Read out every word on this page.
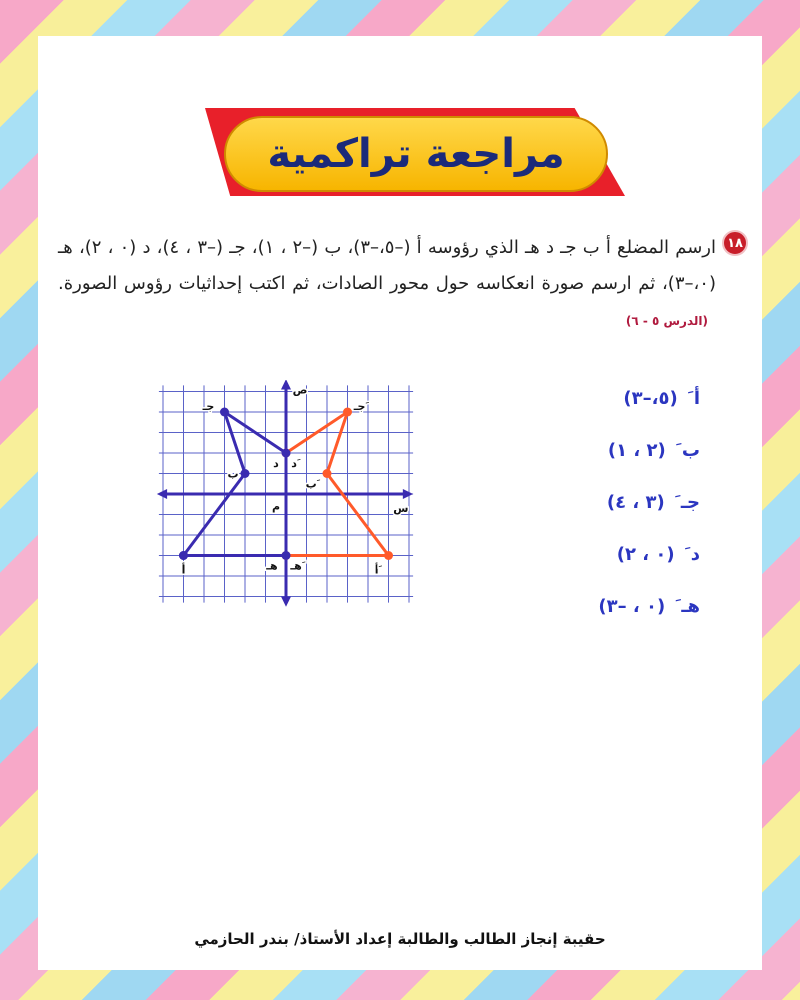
مراجعة تراكمية
١٨
ارسم المضلع أ ب جـ د هـ الذي رؤوسه أ (–٥،–٣)، ب (–٢ ، ١)، جـ (–٣ ، ٤)، د (٠ ، ٢)، هـ (٠،–٣)، ثم ارسم صورة انعكاسه حول محور الصادات، ثم اكتب إحداثيات رؤوس الصورة. (الدرس ٥ - ٦)
أ
ب
جـ
د
هـ	أ َ
ب َ
جـ َ
د َ
هـ َ
س
ص
م
أ َ
(٥،–٣)
ب َ
(٢ ، ١)
جـ َ
(٣ ، ٤)
د َ
(٠ ، ٢)
هـ َ
(٠ ، –٣)
حقيبة إنجاز الطالب والطالبة إعداد الأستاذ/ بندر الحازمي
